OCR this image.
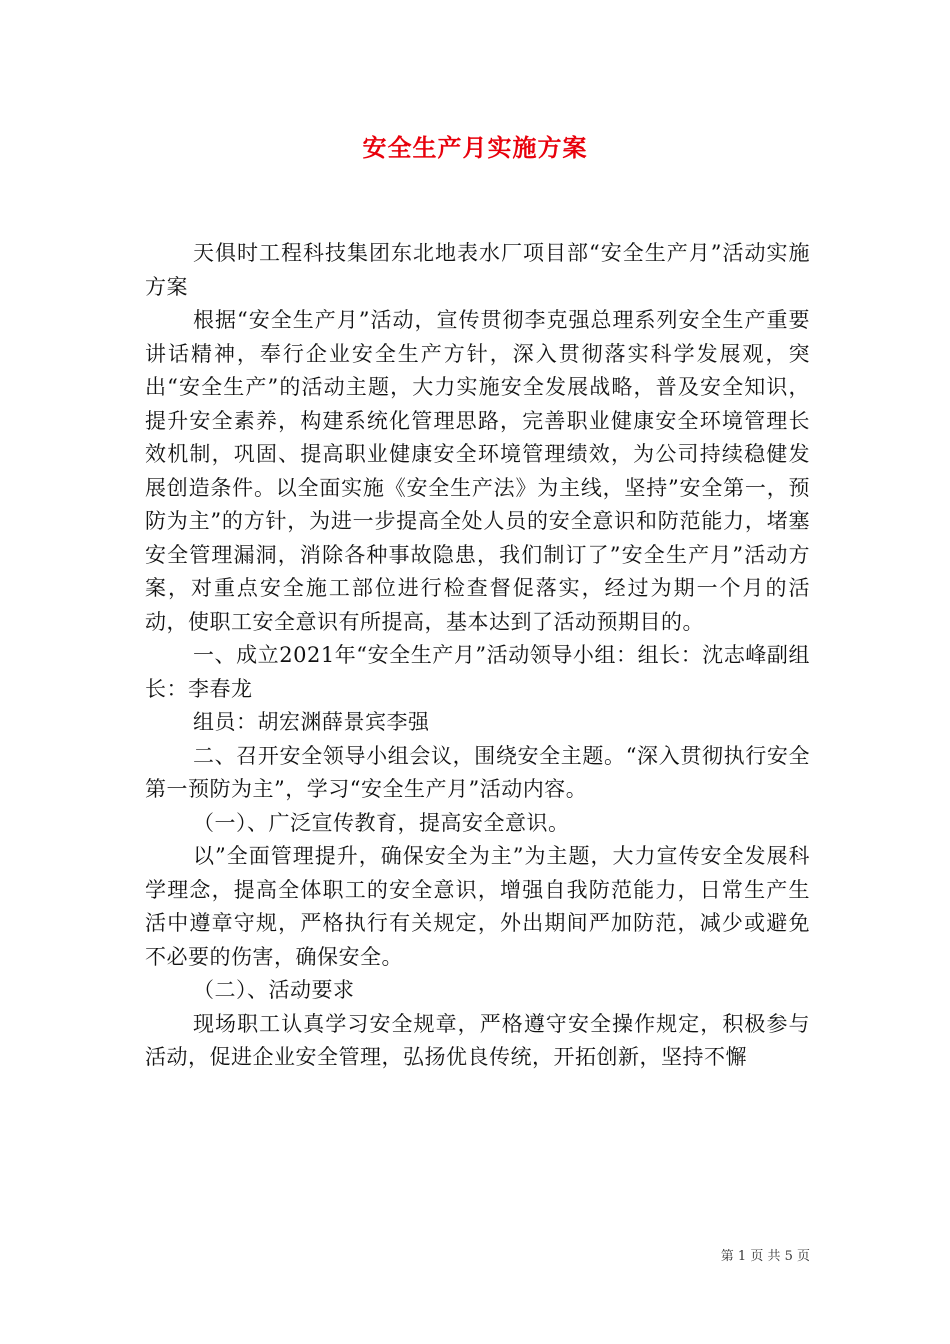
安全生产月实施方案

天俱时工程科技集团东北地表水厂项目部“安全生产月”活动实施方案

根据“安全生产月”活动，宣传贯彻李克强总理系列安全生产重要讲话精神，奉行企业安全生产方针，深入贯彻落实科学发展观，突出“安全生产”的活动主题，大力实施安全发展战略，普及安全知识，提升安全素养，构建系统化管理思路，完善职业健康安全环境管理长效机制，巩固、提高职业健康安全环境管理绩效，为公司持续稳健发展创造条件。以全面实施《安全生产法》为主线，坚持”安全第一，预防为主”的方针，为进一步提高全处人员的安全意识和防范能力，堵塞安全管理漏洞，消除各种事故隐患，我们制订了”安全生产月”活动方案，对重点安全施工部位进行检查督促落实，经过为期一个月的活动，使职工安全意识有所提高，基本达到了活动预期目的。

一、成立2021年“安全生产月”活动领导小组：组长：沈志峰副组长：李春龙

组员：胡宏渊薛景宾李强

二、召开安全领导小组会议，围绕安全主题。“深入贯彻执行安全第一预防为主”，学习“安全生产月”活动内容。

（一）、广泛宣传教育，提高安全意识。

以”全面管理提升，确保安全为主”为主题，大力宣传安全发展科学理念，提高全体职工的安全意识，增强自我防范能力，日常生产生活中遵章守规，严格执行有关规定，外出期间严加防范，减少或避免不必要的伤害，确保安全。

（二）、活动要求

现场职工认真学习安全规章，严格遵守安全操作规定，积极参与活动，促进企业安全管理，弘扬优良传统，开拓创新，坚持不懈

第 1 页 共 5 页
